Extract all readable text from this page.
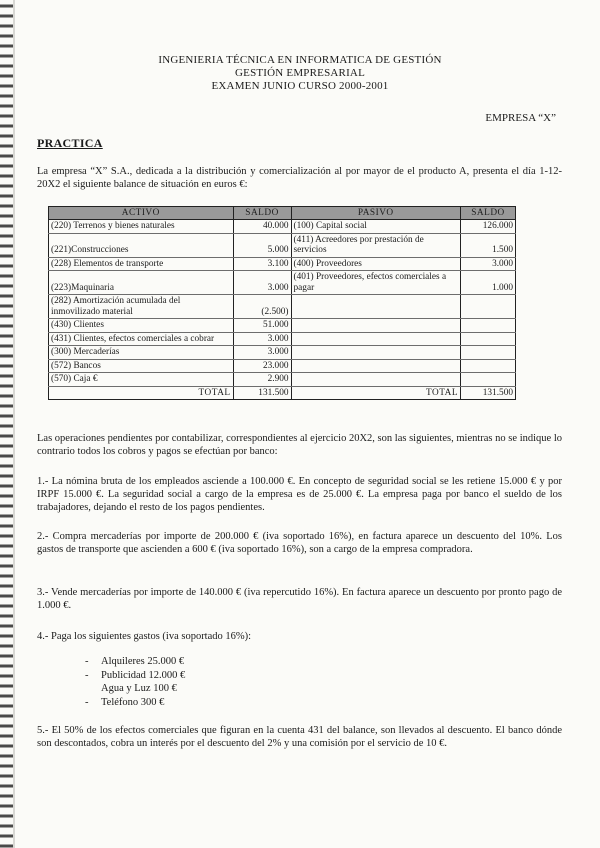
INGENIERIA TÉCNICA EN INFORMATICA DE GESTIÓN
GESTIÓN EMPRESARIAL
EXAMEN JUNIO CURSO 2000-2001
EMPRESA “X”
PRACTICA
La empresa “X” S.A., dedicada a la distribución y comercialización al por mayor de el producto A, presenta el día 1-12-20X2 el siguiente balance de situación en euros €:
ACTIVO	SALDO	PASIVO	SALDO
(220) Terrenos y bienes naturales	40.000	(100) Capital social	126.000
(221)Construcciones	5.000	(411) Acreedores por prestación de servicios	1.500
(228) Elementos de transporte	3.100	(400) Proveedores	3.000
(223)Maquinaria	3.000	(401) Proveedores, efectos comerciales a pagar	1.000
(282) Amortización acumulada del inmovilizado material	(2.500)		
(430) Clientes	51.000		
(431) Clientes, efectos comerciales a cobrar	3.000		
(300) Mercaderías	3.000		
(572) Bancos	23.000		
(570) Caja €	2.900		
TOTAL	131.500	TOTAL	131.500
Las operaciones pendientes por contabilizar, correspondientes al ejercicio 20X2, son las siguientes, mientras no se indique lo contrario todos los cobros y pagos se efectúan por banco:
1.- La nómina bruta de los empleados asciende a 100.000 €. En concepto de seguridad social se les retiene 15.000 € y por IRPF 15.000 €. La seguridad social a cargo de la empresa es de 25.000 €. La empresa paga por banco el sueldo de los trabajadores, dejando el resto de los pagos pendientes.
2.- Compra mercaderías por importe de 200.000 € (iva soportado 16%), en factura aparece un descuento del 10%. Los gastos de transporte que ascienden a 600 € (iva soportado 16%), son a cargo de la empresa compradora.
3.- Vende mercaderías por importe de 140.000 € (iva repercutido 16%). En factura aparece un descuento por pronto pago de 1.000 €.
4.- Paga los siguientes gastos (iva soportado 16%):
- Alquileres 25.000 €
- Publicidad 12.000 €
Agua y Luz 100 €
- Teléfono 300 €
5.- El 50% de los efectos comerciales que figuran en la cuenta 431 del balance, son llevados al descuento. El banco dónde son descontados, cobra un interés por el descuento del 2% y una comisión por el servicio de 10 €.
